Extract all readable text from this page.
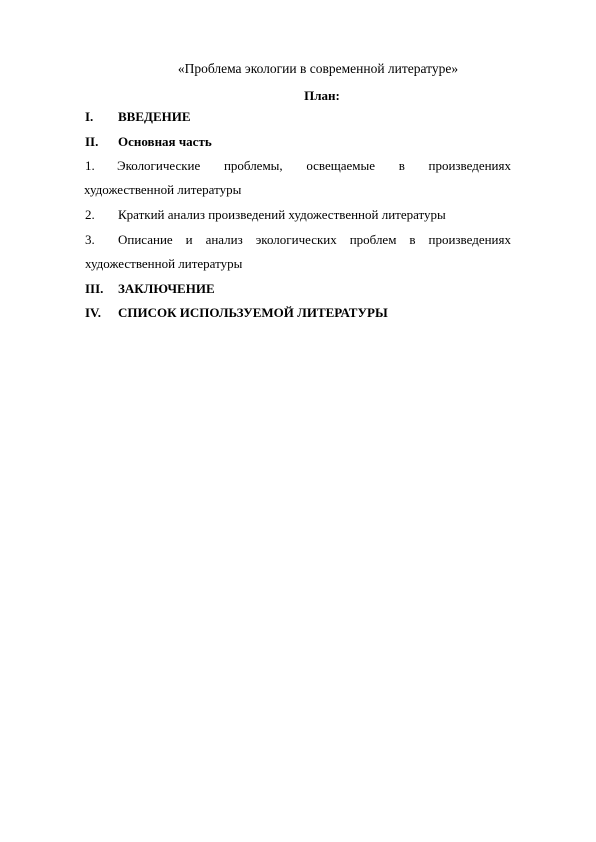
«Проблема экологии в современной литературе»
План:
I.	ВВЕДЕНИЕ
II.	Основная часть
1.	Экологические проблемы, освещаемые в произведениях художественной литературы
2.	Краткий анализ произведений художественной литературы
3.	Описание и анализ экологических проблем в произведениях художественной литературы
III.	ЗАКЛЮЧЕНИЕ
IV.	СПИСОК ИСПОЛЬЗУЕМОЙ ЛИТЕРАТУРЫ
